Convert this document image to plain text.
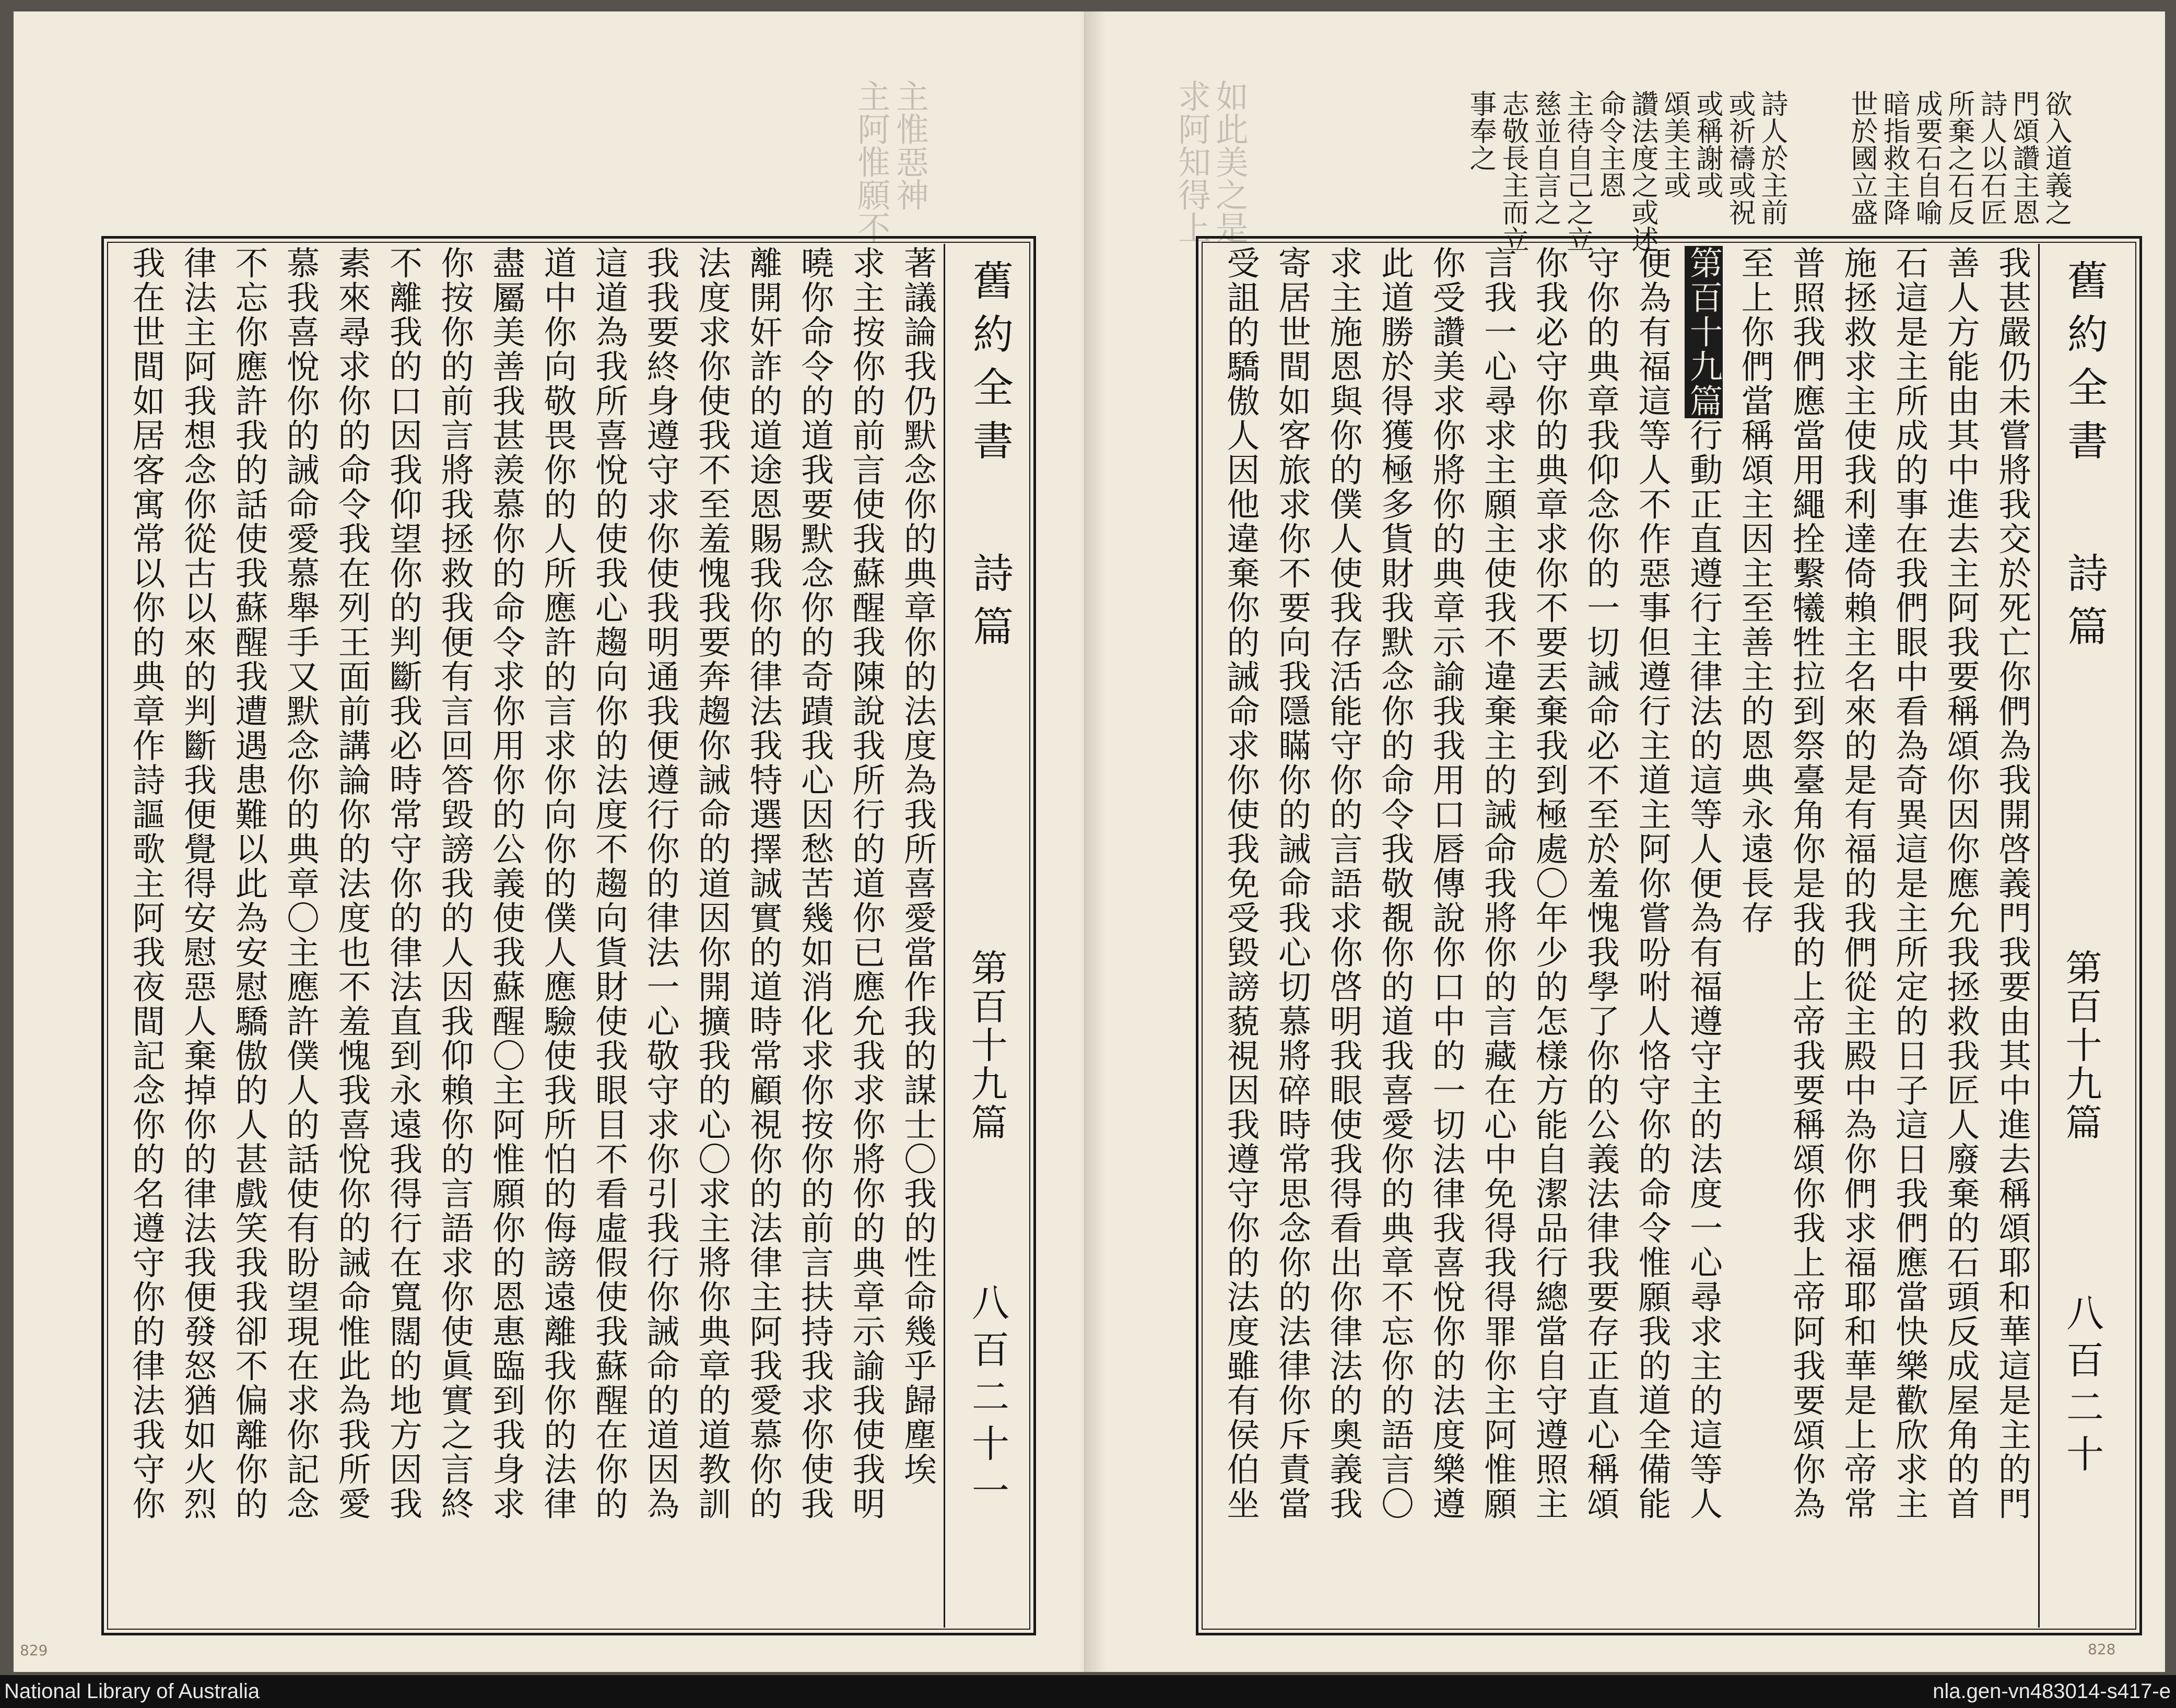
主惟惡神
主阿惟願不
著議論我仍默念你的典章你的法度為我所喜愛當作我的謀士〇我的性命幾乎歸塵埃
求主按你的前言使我蘇醒我陳說我所行的道你已應允我求你將你的典章示諭我使我明
曉你命令的道我要默念你的奇蹟我心因愁苦幾如消化求你按你的前言扶持我求你使我
離開奸詐的道途恩賜我你的律法我特選擇誠實的道時常顧視你的法律主阿我愛慕你的
法度求你使我不至羞愧我要奔趨你誡命的道因你開擴我的心〇求主將你典章的道教訓
我我要終身遵守求你使我明通我便遵行你的律法一心敬守求你引我行你誡命的道因為
這道為我所喜悅的使我心趨向你的法度不趨向貨財使我眼目不看虛假使我蘇醒在你的
道中你向敬畏你的人所應許的言求你向你的僕人應驗使我所怕的侮謗遠離我你的法律
盡屬美善我甚羨慕你的命令求你用你的公義使我蘇醒〇主阿惟願你的恩惠臨到我身求
你按你的前言將我拯救我便有言回答毀謗我的人因我仰賴你的言語求你使眞實之言終
不離我的口因我仰望你的判斷我必時常守你的律法直到永遠我得行在寬闊的地方因我
素來尋求你的命令我在列王面前講論你的法度也不羞愧我喜悅你的誡命惟此為我所愛
慕我喜悅你的誡命愛慕舉手又默念你的典章〇主應許僕人的話使有盼望現在求你記念
不忘你應許我的話使我蘇醒我遭遇患難以此為安慰驕傲的人甚戲笑我我卻不偏離你的
律法主阿我想念你從古以來的判斷我便覺得安慰惡人棄掉你的律法我便發怒猶如火烈
我在世間如居客寓常以你的典章作詩謳歌主阿我夜間記念你的名遵守你的律法我守你	舊約全書
詩篇
第百十九篇
八百二十一
829
如此美之是
求阿知得上	欲入道義之
門頌讚主恩
詩人以石匠
所棄之石反
成要石自喻
暗指救主降
世於國立盛
詩人於主前
或祈禱或祝
或稱謝或
頌美主或
讚法度之或述
命令主恩
主待自己之立
慈並自言之
志敬長主而立
事奉之
我甚嚴仍未嘗將我交於死亡你們為我開啓義門我要由其中進去稱頌耶和華這是主的門
善人方能由其中進去主阿我要稱頌你因你應允我拯救我匠人廢棄的石頭反成屋角的首
石這是主所成的事在我們眼中看為奇異這是主所定的日子這日我們應當快樂歡欣求主
施拯救求主使我利達倚賴主名來的是有福的我們從主殿中為你們求福耶和華是上帝常
普照我們應當用繩拴繫犧牲拉到祭臺角你是我的上帝我要稱頌你我上帝阿我要頌你為
至上你們當稱頌主因主至善主的恩典永遠長存
第百十九篇行動正直遵行主律法的這等人便為有福遵守主的法度一心尋求主的這等人
便為有福這等人不作惡事但遵行主道主阿你嘗吩咐人恪守你的命令惟願我的道全備能
守你的典章我仰念你的一切誡命必不至於羞愧我學了你的公義法律我要存正直心稱頌
你我必守你的典章求你不要丟棄我到極處〇年少的怎樣方能自潔品行總當自守遵照主
言我一心尋求主願主使我不違棄主的誡命我將你的言藏在心中免得我得罪你主阿惟願
你受讚美求你將你的典章示諭我我用口唇傳說你口中的一切法律我喜悅你的法度樂遵
此道勝於得獲極多貨財我默念你的命令我敬覩你的道我喜愛你的典章不忘你的語言〇
求主施恩與你的僕人使我存活能守你的言語求你啓明我眼使我得看出你律法的奧義我
寄居世間如客旅求你不要向我隱瞞你的誡命我心切慕將碎時常思念你的法律你斥責當
受詛的驕傲人因他違棄你的誡命求你使我免受毀謗藐視因我遵守你的法度雖有侯伯坐	舊約全書
詩篇
第百十九篇
八百二十
828
National Library of Australia	nla.gen-vn483014-s417-e
